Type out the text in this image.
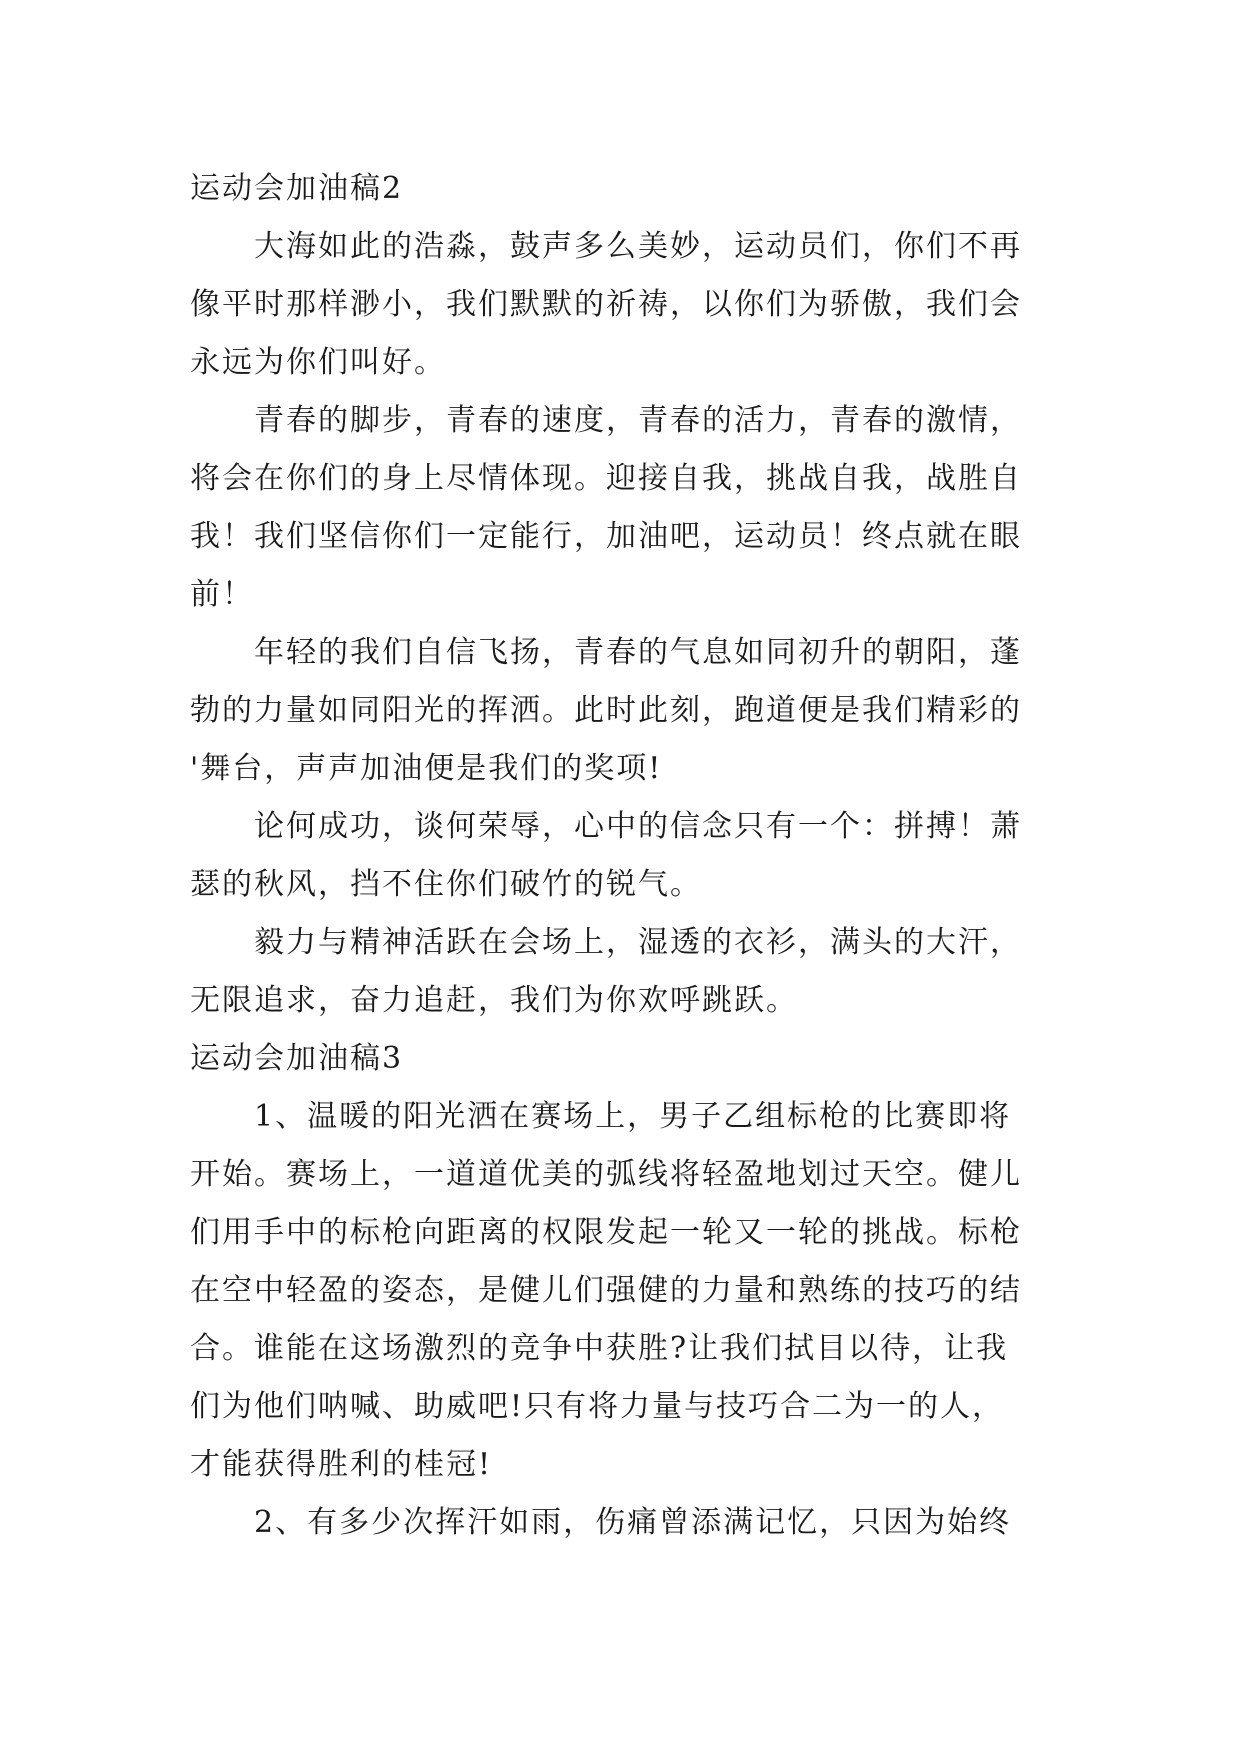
运动会加油稿2
大海如此的浩淼，鼓声多么美妙，运动员们，你们不再
像平时那样渺小，我们默默的祈祷，以你们为骄傲，我们会
永远为你们叫好。
青春的脚步，青春的速度，青春的活力，青春的激情，
将会在你们的身上尽情体现。迎接自我，挑战自我，战胜自
我！我们坚信你们一定能行，加油吧，运动员！终点就在眼
前！
年轻的我们自信飞扬，青春的气息如同初升的朝阳，蓬
勃的力量如同阳光的挥洒。此时此刻，跑道便是我们精彩的
'舞台，声声加油便是我们的奖项!
论何成功，谈何荣辱，心中的信念只有一个：拼搏！萧
瑟的秋风，挡不住你们破竹的锐气。
毅力与精神活跃在会场上，湿透的衣衫，满头的大汗，
无限追求，奋力追赶，我们为你欢呼跳跃。
运动会加油稿3
1、温暖的阳光洒在赛场上，男子乙组标枪的比赛即将
开始。赛场上，一道道优美的弧线将轻盈地划过天空。健儿
们用手中的标枪向距离的权限发起一轮又一轮的挑战。标枪
在空中轻盈的姿态，是健儿们强健的力量和熟练的技巧的结
合。谁能在这场激烈的竞争中获胜?让我们拭目以待，让我
们为他们呐喊、助威吧!只有将力量与技巧合二为一的人，
才能获得胜利的桂冠!
2、有多少次挥汗如雨，伤痛曾添满记忆，只因为始终
